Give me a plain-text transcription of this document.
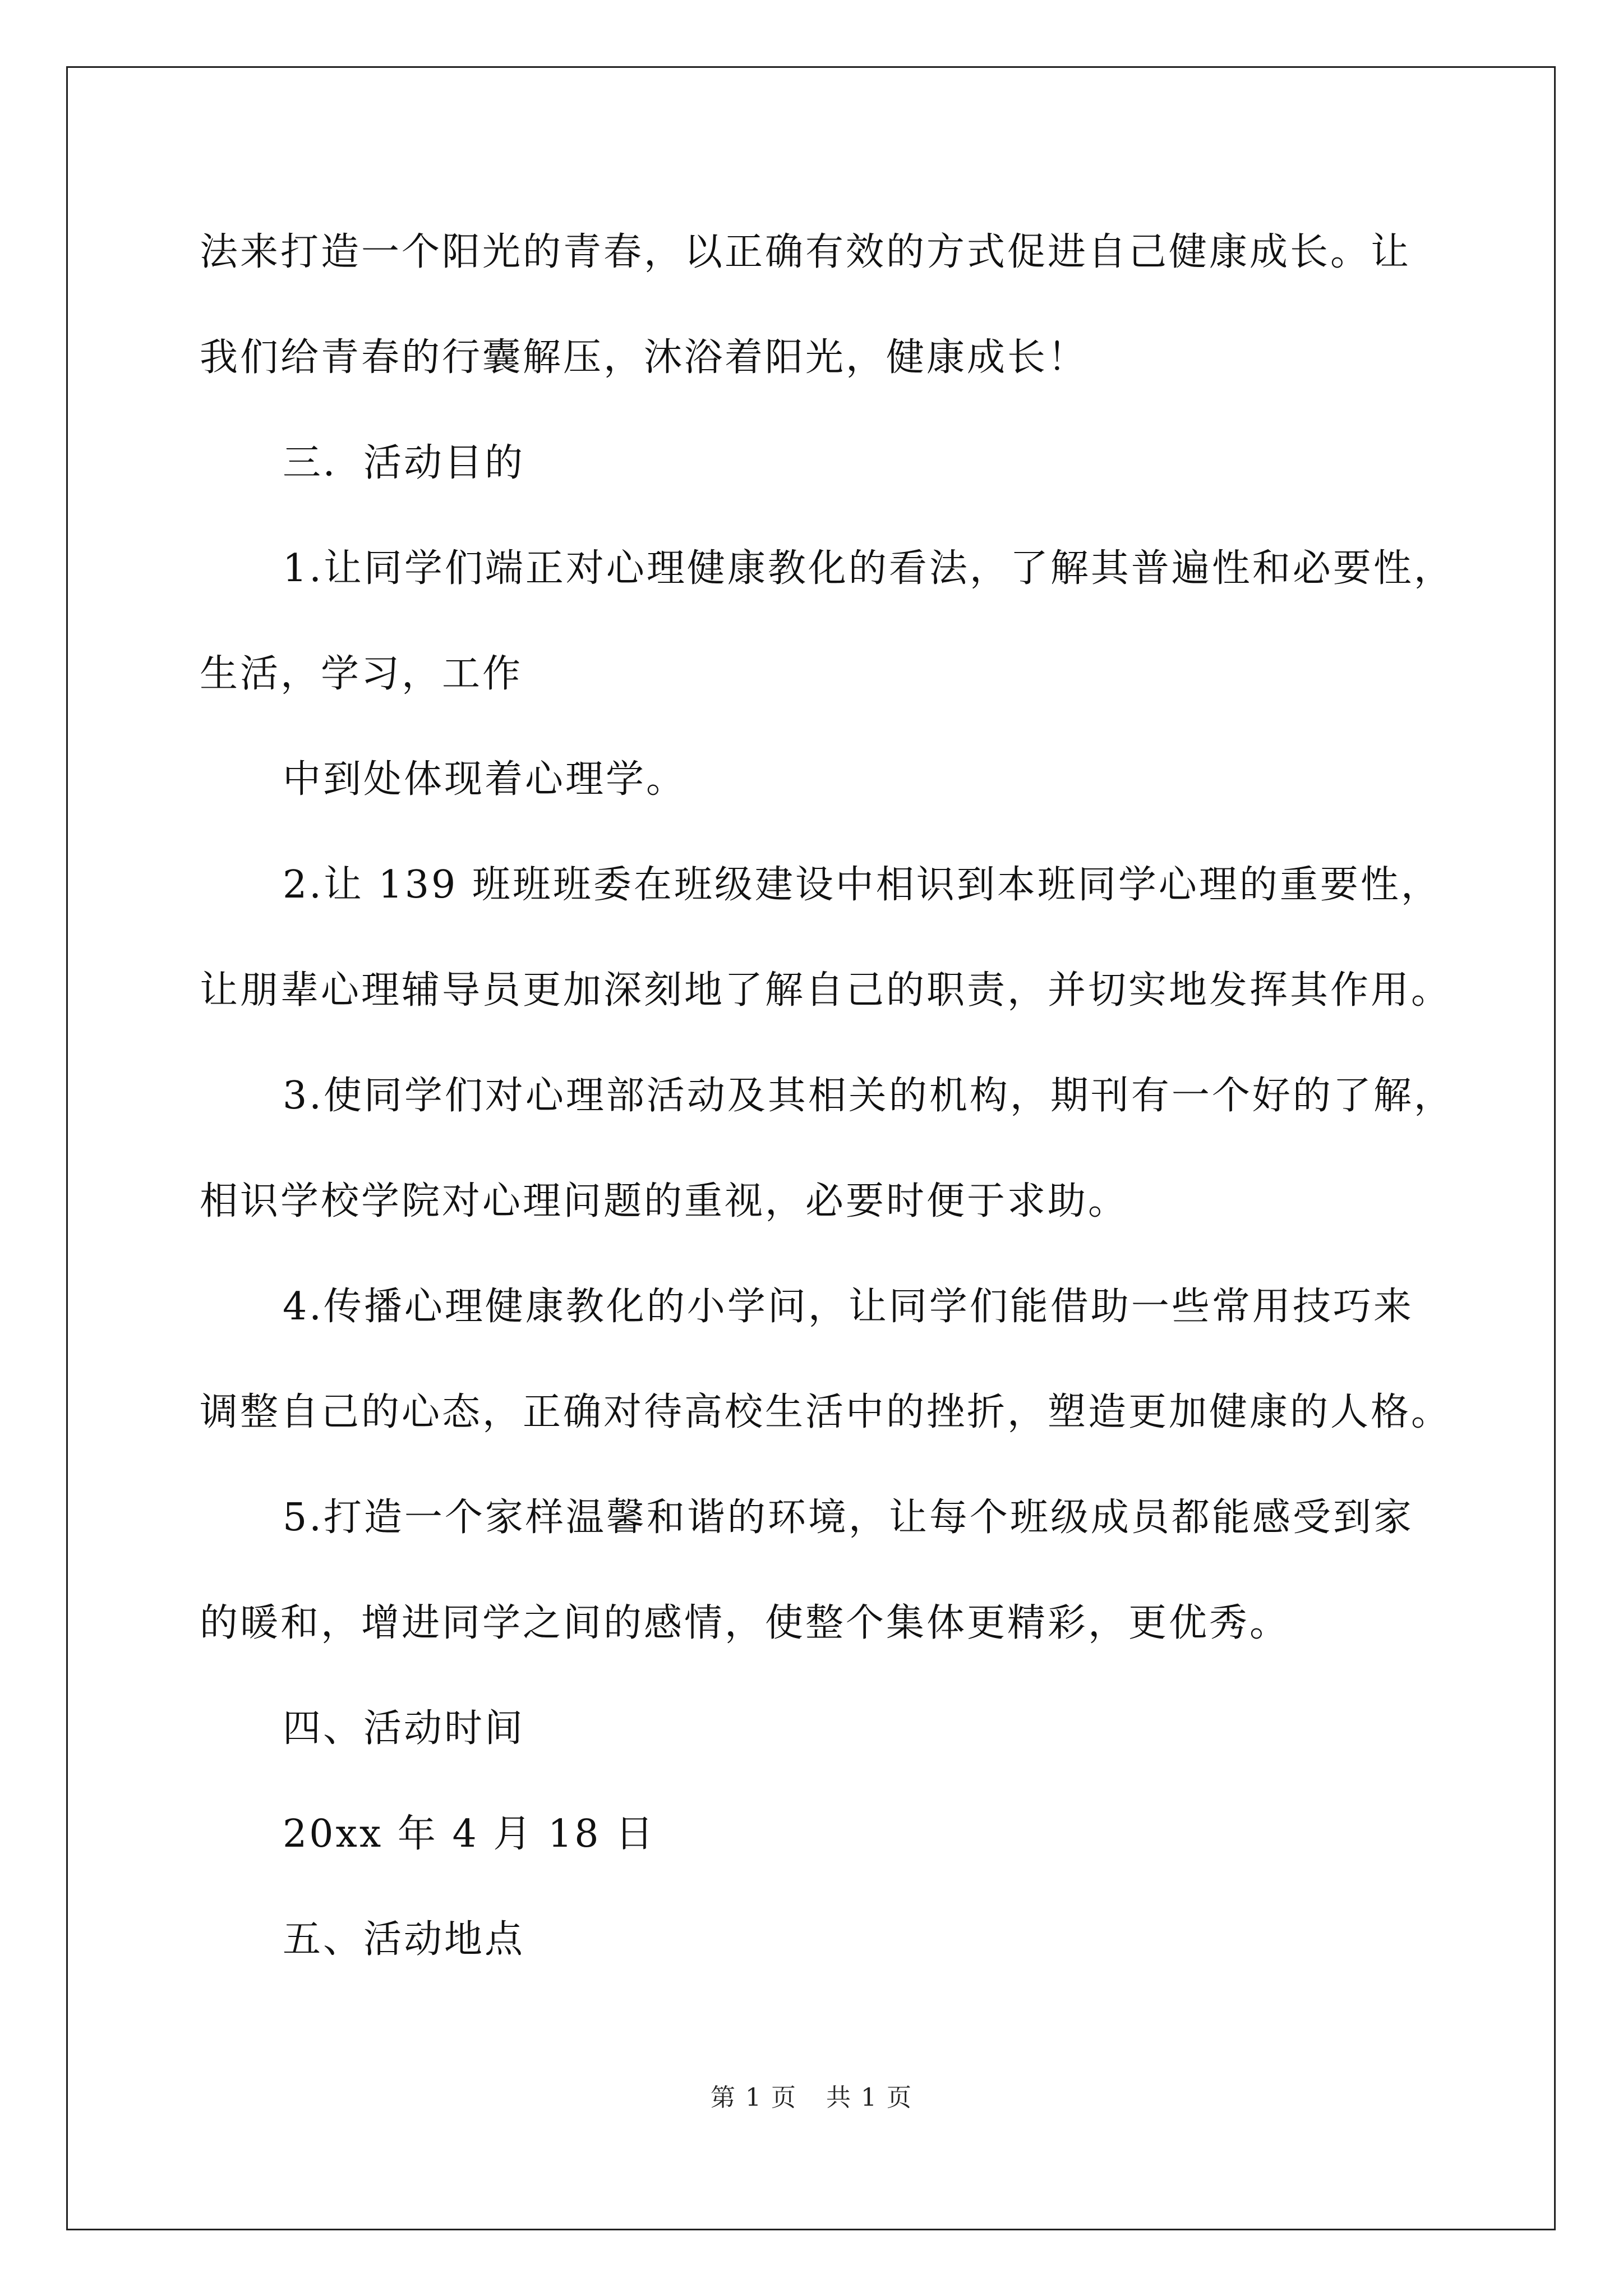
法来打造一个阳光的青春，以正确有效的方式促进自己健康成长。让
我们给青春的行囊解压，沐浴着阳光，健康成长！
三．活动目的
1.让同学们端正对心理健康教化的看法，了解其普遍性和必要性，
生活，学习，工作
中到处体现着心理学。
2.让 139 班班班委在班级建设中相识到本班同学心理的重要性，
让朋辈心理辅导员更加深刻地了解自己的职责，并切实地发挥其作用。
3.使同学们对心理部活动及其相关的机构，期刊有一个好的了解，
相识学校学院对心理问题的重视，必要时便于求助。
4.传播心理健康教化的小学问，让同学们能借助一些常用技巧来
调整自己的心态，正确对待高校生活中的挫折，塑造更加健康的人格。
5.打造一个家样温馨和谐的环境，让每个班级成员都能感受到家
的暖和，增进同学之间的感情，使整个集体更精彩，更优秀。
四、活动时间
20xx 年 4 月 18 日
五、活动地点
第 1 页 共 1 页
